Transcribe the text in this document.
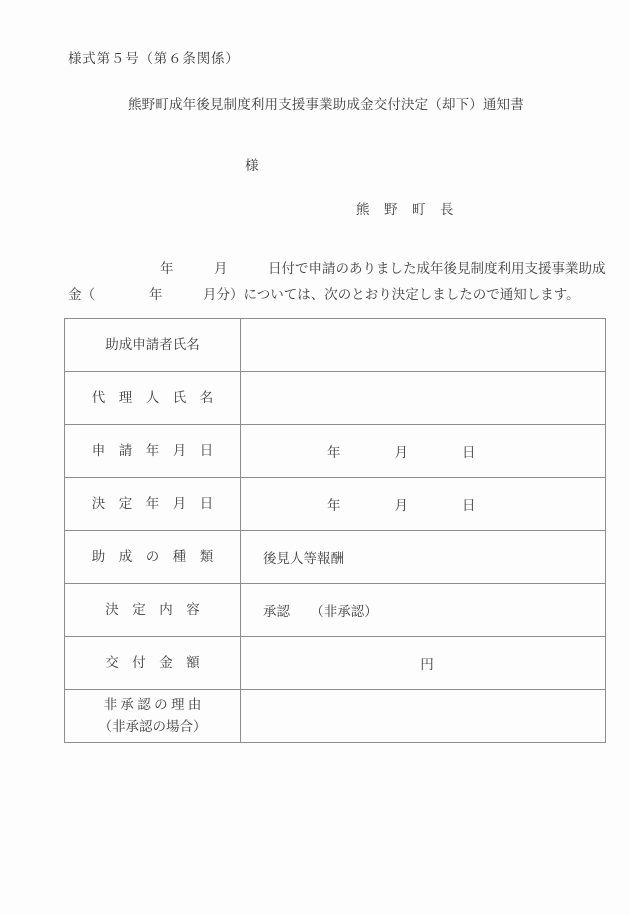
様式第５号（第６条関係）
熊野町成年後見制度利用支援事業助成金交付決定（却下）通知書
様
熊　野　町　長
年　　　月　　　日付で申請のありました成年後見制度利用支援事業助成
金（　　　　年　　　月分）については、次のとおり決定しましたので通知します。
助成申請者氏名	

代　理　人　氏　名	

申　請　年　月　日	年　　　　月　　　　日

決　定　年　月　日	年　　　　月　　　　日

助　成　の　種　類	後見人等報酬

決　定　内　容	承認　　（非承認）

交　付　金　額	円

非 承 認 の 理 由
（非承認の場合）	
